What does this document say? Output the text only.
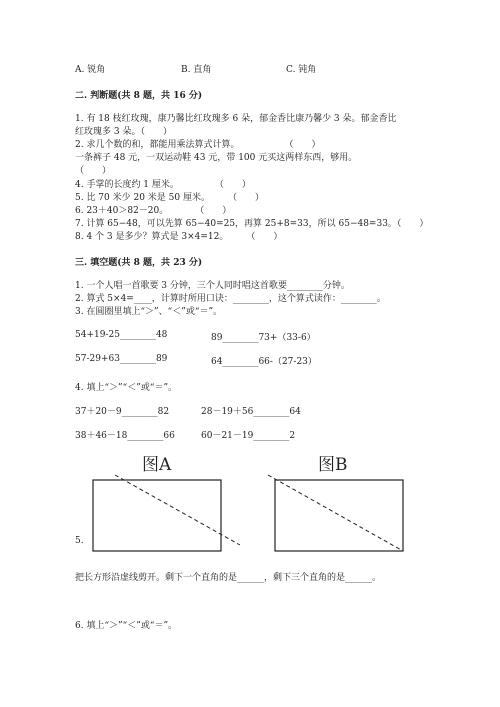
A. 锐角	B. 直角	C. 钝角
二. 判断题(共 8 题，共 16 分)
1. 有 18 枝红玫瑰，康乃馨比红玫瑰多 6 朵，郁金香比康乃馨少 3 朵。郁金香比
红玫瑰多 3 朵。（　　）
2. 求几个数的和，都能用乘法算式计算。　　　　　　（　　）
一条裤子 48 元，一双运动鞋 43 元，带 100 元买这两样东西，够用。
（　　）
4. 手掌的长度约 1 厘米。　　　　　（　　）
5. 比 70 米少 20 米是 50 厘米。　　　（　　）
6. 23＋40＞82－20。　　　　（　　）
7. 计算 65−48，可以先算 65−40=25，再算 25+8=33，所以 65−48=33。（　　）
8. 4 个 3 是多少？算式是 3×4=12。　　　（　　）
三. 填空题(共 8 题，共 23 分)
1. 一个人唱一首歌要 3 分钟，三个人同时唱这首歌要________分钟。
2. 算式 5×4=____，计算时所用口诀：________，这个算式读作：________。
3. 在圆圈里填上“＞”、“＜”或“＝”。
54+19-25________48	89________73+（33-6）
57-29+63________89	64________66-（27-23）
4. 填上“＞”“＜”或“＝”。
37＋20－9________82	28－19＋56________64
38＋46－18________66	60－21－19________2
5.
图A	图B
把长方形沿虚线剪开。剩下一个直角的是______，剩下三个直角的是______。
6. 填上“＞”“＜”或“＝”。
